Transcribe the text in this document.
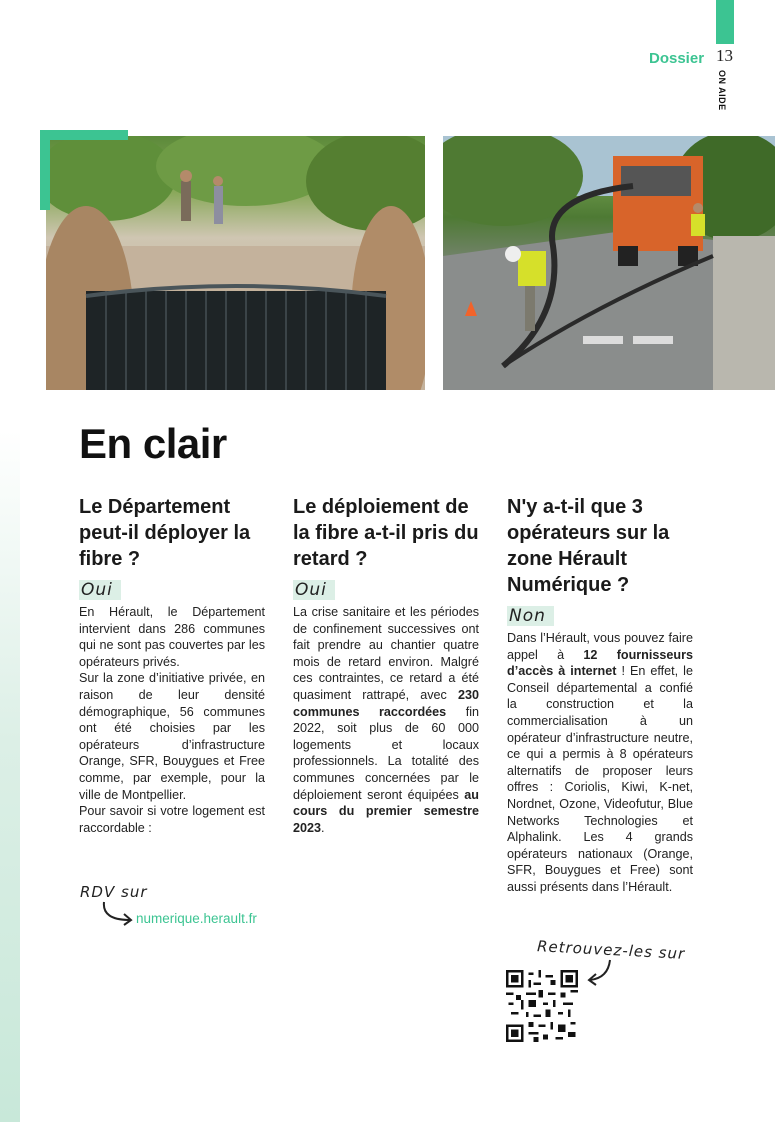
Dossier 13
ON AIDE
En clair
Le Département peut-il déployer la fibre ?
Oui

En Hérault, le Département intervient dans 286 communes qui ne sont pas couvertes par les opérateurs privés.

Sur la zone d’initiative privée, en raison de leur densité démographique, 56 communes ont été choisies par les opérateurs d’infrastructure Orange, SFR, Bouygues et Free comme, par exemple, pour la ville de Montpellier.

Pour savoir si votre logement est raccordable :

RDV sur
numerique.herault.fr
Le déploiement de la fibre a-t-il pris du retard ?
Oui

La crise sanitaire et les périodes de confinement successives ont fait prendre au chantier quatre mois de retard environ. Malgré ces contraintes, ce retard a été quasiment rattrapé, avec 230 communes raccordées fin 2022, soit plus de 60 000 logements et locaux professionnels. La totalité des communes concernées par le déploiement seront équipées au cours du premier semestre 2023.

N'y a-t-il que 3 opérateurs sur la zone Hérault Numérique ?
Non

Dans l’Hérault, vous pouvez faire appel à 12 fournisseurs d’accès à internet ! En effet, le Conseil départemental a confié la construction et la commercialisation à un opérateur d’infrastructure neutre, ce qui a permis à 8 opérateurs alternatifs de proposer leurs offres : Coriolis, Kiwi, K-net, Nordnet, Ozone, Videofutur, Blue Networks Technologies et Alphalink. Les 4 grands opérateurs nationaux (Orange, SFR, Bouygues et Free) sont aussi présents dans l’Hérault.

Retrouvez-les sur
